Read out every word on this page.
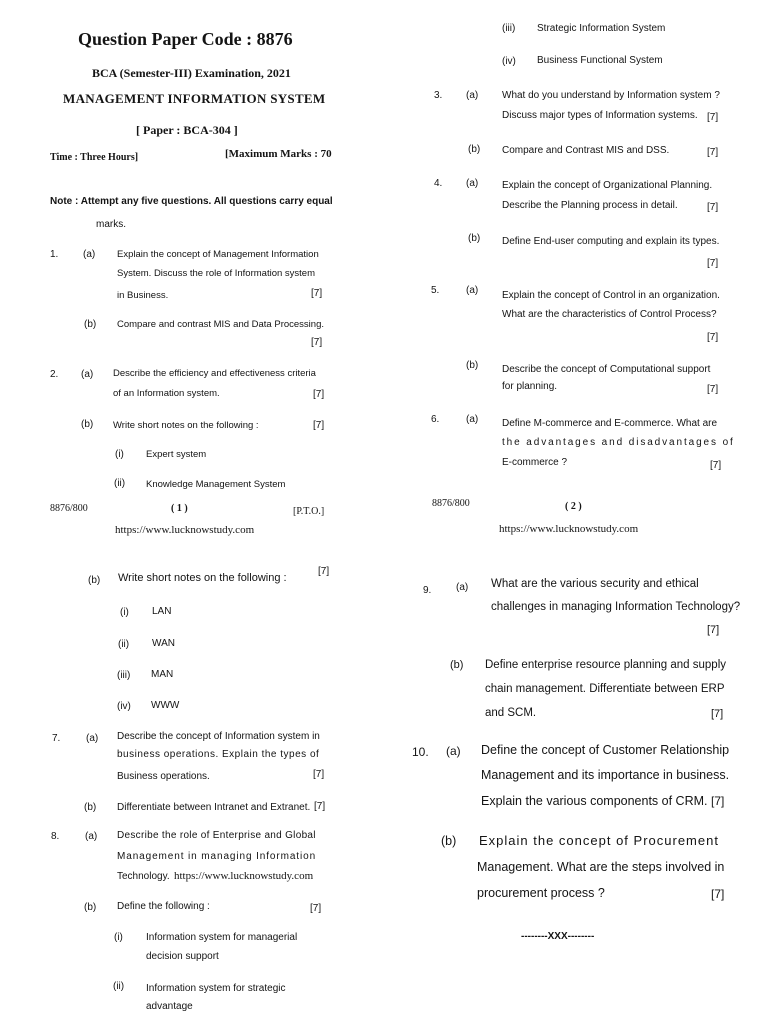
Question Paper Code : 8876
BCA (Semester-III) Examination, 2021
MANAGEMENT INFORMATION SYSTEM
[ Paper : BCA-304 ]
Time : Three Hours]	[Maximum Marks : 70
Note : Attempt any five questions. All questions carry equal
marks.
1. (a) Explain the concept of Management Information
System. Discuss the role of Information system
in Business.	[7]
(b) Compare and contrast MIS and Data Processing.
[7]
2. (a) Describe the efficiency and effectiveness criteria
of an Information system.	[7]
(b) Write short notes on the following :	[7]
(i) Expert system
(ii) Knowledge Management System
8876/800	( 1 )	[P.T.O.]
https://www.lucknowstudy.com
(iii) Strategic Information System
(iv) Business Functional System
3. (a) What do you understand by Information system ?
Discuss major types of Information systems. [7]
(b) Compare and Contrast MIS and DSS.	[7]
4. (a) Explain the concept of Organizational Planning.
Describe the Planning process in detail.	[7]
(b) Define End-user computing and explain its types.
[7]
5.	(a) Explain the concept of Control in an organization.
What are the characteristics of Control Process?
[7]
(b) Describe the concept of Computational support
for planning.	[7]
6.	(a) Define M-commerce and E-commerce. What are
the advantages and disadvantages of
E-commerce ?	[7]
8876/800	( 2 )
https://www.lucknowstudy.com
(b) Write short notes on the following :
[7]
(i) LAN
(ii) WAN
(iii) MAN
(iv) WWW
7.	(a) Describe the concept of Information system in
business operations. Explain the types of
Business operations.	[7]
(b) Differentiate between Intranet and Extranet. [7]
8.	(a) Describe the role of Enterprise and Global
Management in managing Information
Technology. https://www.lucknowstudy.com
(b) Define the following :	[7]
(i) Information system for managerial
decision support
(ii) Information system for strategic
advantage
9. (a) What are the various security and ethical
challenges in managing Information Technology?
[7]
(b) Define enterprise resource planning and supply
chain management. Differentiate between ERP
and SCM.	[7]
10. (a) Define the concept of Customer Relationship
Management and its importance in business.
Explain the various components of CRM. [7]
(b) Explain the concept of Procurement
Management. What are the steps involved in
procurement process ?	[7]
--------XXX--------
